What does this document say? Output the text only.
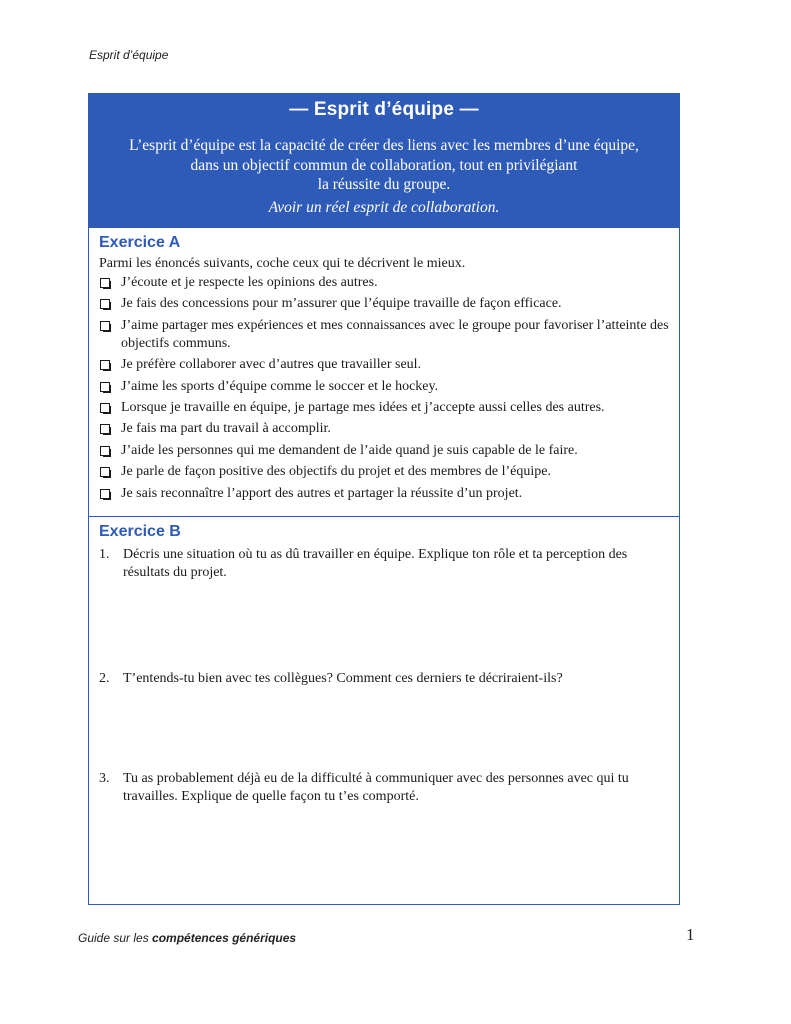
Esprit d’équipe
— Esprit d’équipe —
L’esprit d’équipe est la capacité de créer des liens avec les membres d’une équipe,
dans un objectif commun de collaboration, tout en privilégiant
la réussite du groupe.
Avoir un réel esprit de collaboration.
Exercice A

Parmi les énoncés suivants, coche ceux qui te décrivent le mieux.

J’écoute et je respecte les opinions des autres.
Je fais des concessions pour m’assurer que l’équipe travaille de façon efficace.
J’aime partager mes expériences et mes connaissances avec le groupe pour favoriser l’atteinte des objectifs communs.
Je préfère collaborer avec d’autres que travailler seul.
J’aime les sports d’équipe comme le soccer et le hockey.
Lorsque je travaille en équipe, je partage mes idées et j’accepte aussi celles des autres.
Je fais ma part du travail à accomplir.
J’aide les personnes qui me demandent de l’aide quand je suis capable de le faire.
Je parle de façon positive des objectifs du projet et des membres de l’équipe.
Je sais reconnaître l’apport des autres et partager la réussite d’un projet.
Exercice B
1. Décris une situation où tu as dû travailler en équipe. Explique ton rôle et ta perception des résultats du projet.
2. T’entends-tu bien avec tes collègues? Comment ces derniers te décriraient-ils?
3. Tu as probablement déjà eu de la difficulté à communiquer avec des personnes avec qui tu travailles. Explique de quelle façon tu t’es comporté.
Guide sur les compétences génériques	1
